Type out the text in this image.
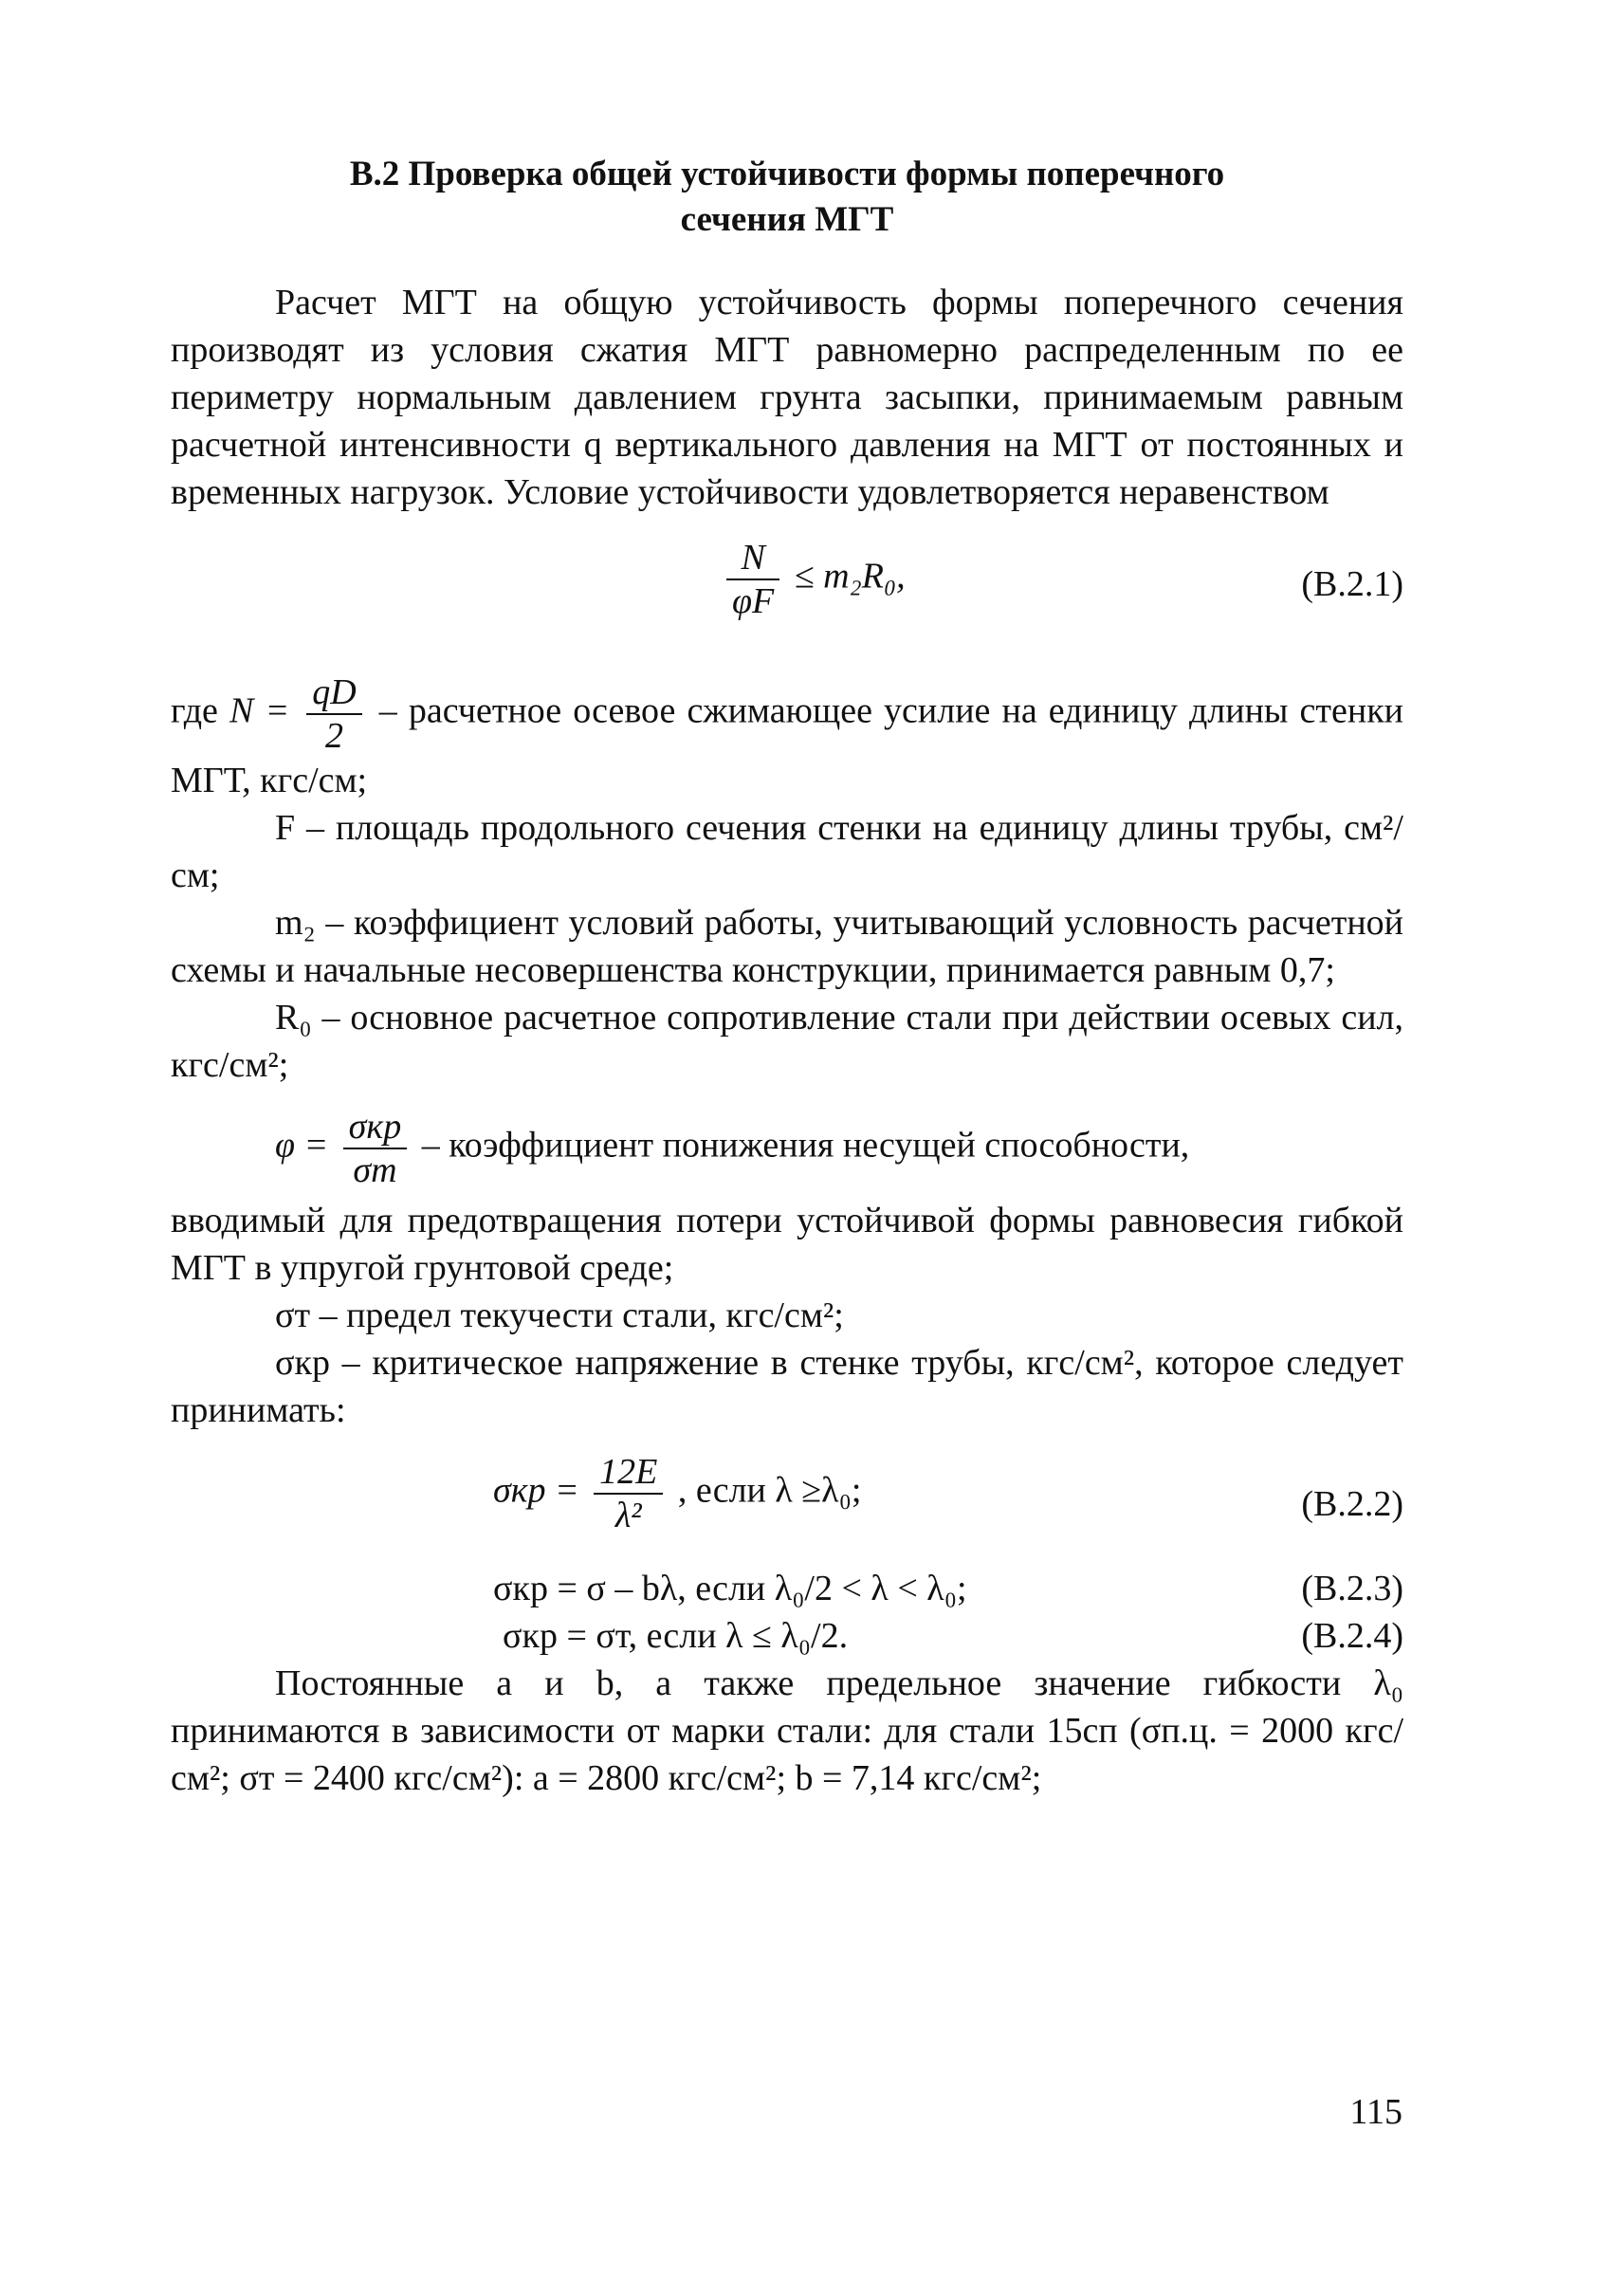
В.2 Проверка общей устойчивости формы поперечного
сечения МГТ

Расчет МГТ на общую устойчивость формы поперечного сечения производят из условия сжатия МГТ равномерно распределенным по ее периметру нормальным давлением грунта засыпки, принимаемым равным расчетной интенсивности q вертикального давления на МГТ от постоянных и временных нагрузок. Условие устойчивости удовлетворяется неравенством

$\frac{N}{\varphi F} \le m_2R_0$,	(В.2.1)
где $N = \frac{qD}{2}$ – расчетное осевое сжимающее усилие на единицу длины стенки МГТ, кгс/см;

F – площадь продольного сечения стенки на единицу длины трубы, см²/см;

m₂ – коэффициент условий работы, учитывающий условность расчетной схемы и начальные несовершенства конструкции, принимается равным 0,7;

R₀ – основное расчетное сопротивление стали при действии осевых сил, кгс/см²;

$\varphi = \frac{\text{σкр}}{\sigma т}$ – коэффициент понижения несущей способности,

вводимый для предотвращения потери устойчивой формы равновесия гибкой МГТ в упругой грунтовой среде;

σт – предел текучести стали, кгс/см²;

σкр – критическое напряжение в стенке трубы, кгс/см², которое следует принимать:

$\sigma кр = \frac{12E}{\text{λ²}}$ , если λ ≥λ₀;	(В.2.2)
σкр = σ – bλ, если λ₀/2 < λ < λ₀;	(В.2.3)
σкр = σт, если λ ≤ λ₀/2.	(В.2.4)

Постоянные a и b, а также предельное значение гибкости λ₀ принимаются в зависимости от марки стали: для стали 15сп (σп.ц. = 2000 кгс/см²; σт = 2400 кгс/см²): a = 2800 кгс/см²; b = 7,14 кгс/см²;

115
